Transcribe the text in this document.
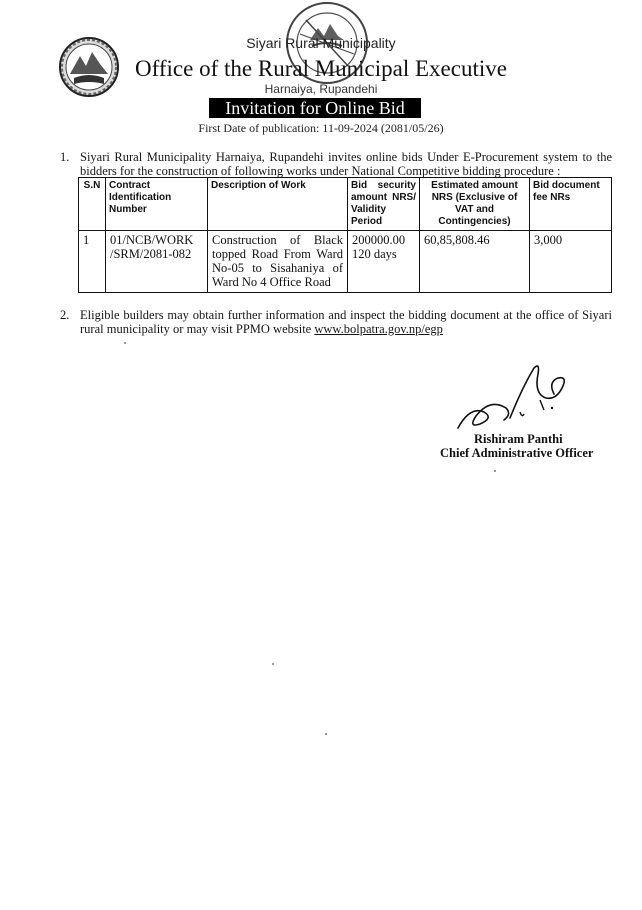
Siyari Rural Municipality
Office of the Rural Municipal Executive
Harnaiya, Rupandehi
Invitation for Online Bid
First Date of publication: 11-09-2024 (2081/05/26)
1. Siyari Rural Municipality Harnaiya, Rupandehi invites online bids Under E-Procurement system to the bidders for the construction of following works under National Competitive bidding procedure :
S.N	Contract Identification Number	Description of Work	Bid security amount NRS/ Validity Period	Estimated amount NRS (Exclusive of VAT and Contingencies)	Bid document fee NRs
1	01/NCB/WORK /SRM/2081-082	Construction of Black topped Road From Ward No-05 to Sisahaniya of Ward No 4 Office Road	200000.00 120 days	60,85,808.46	3,000
2. Eligible builders may obtain further information and inspect the bidding document at the office of Siyari rural municipality or may visit PPMO website www.bolpatra.gov.np/egp
Rishiram Panthi
Chief Administrative Officer
